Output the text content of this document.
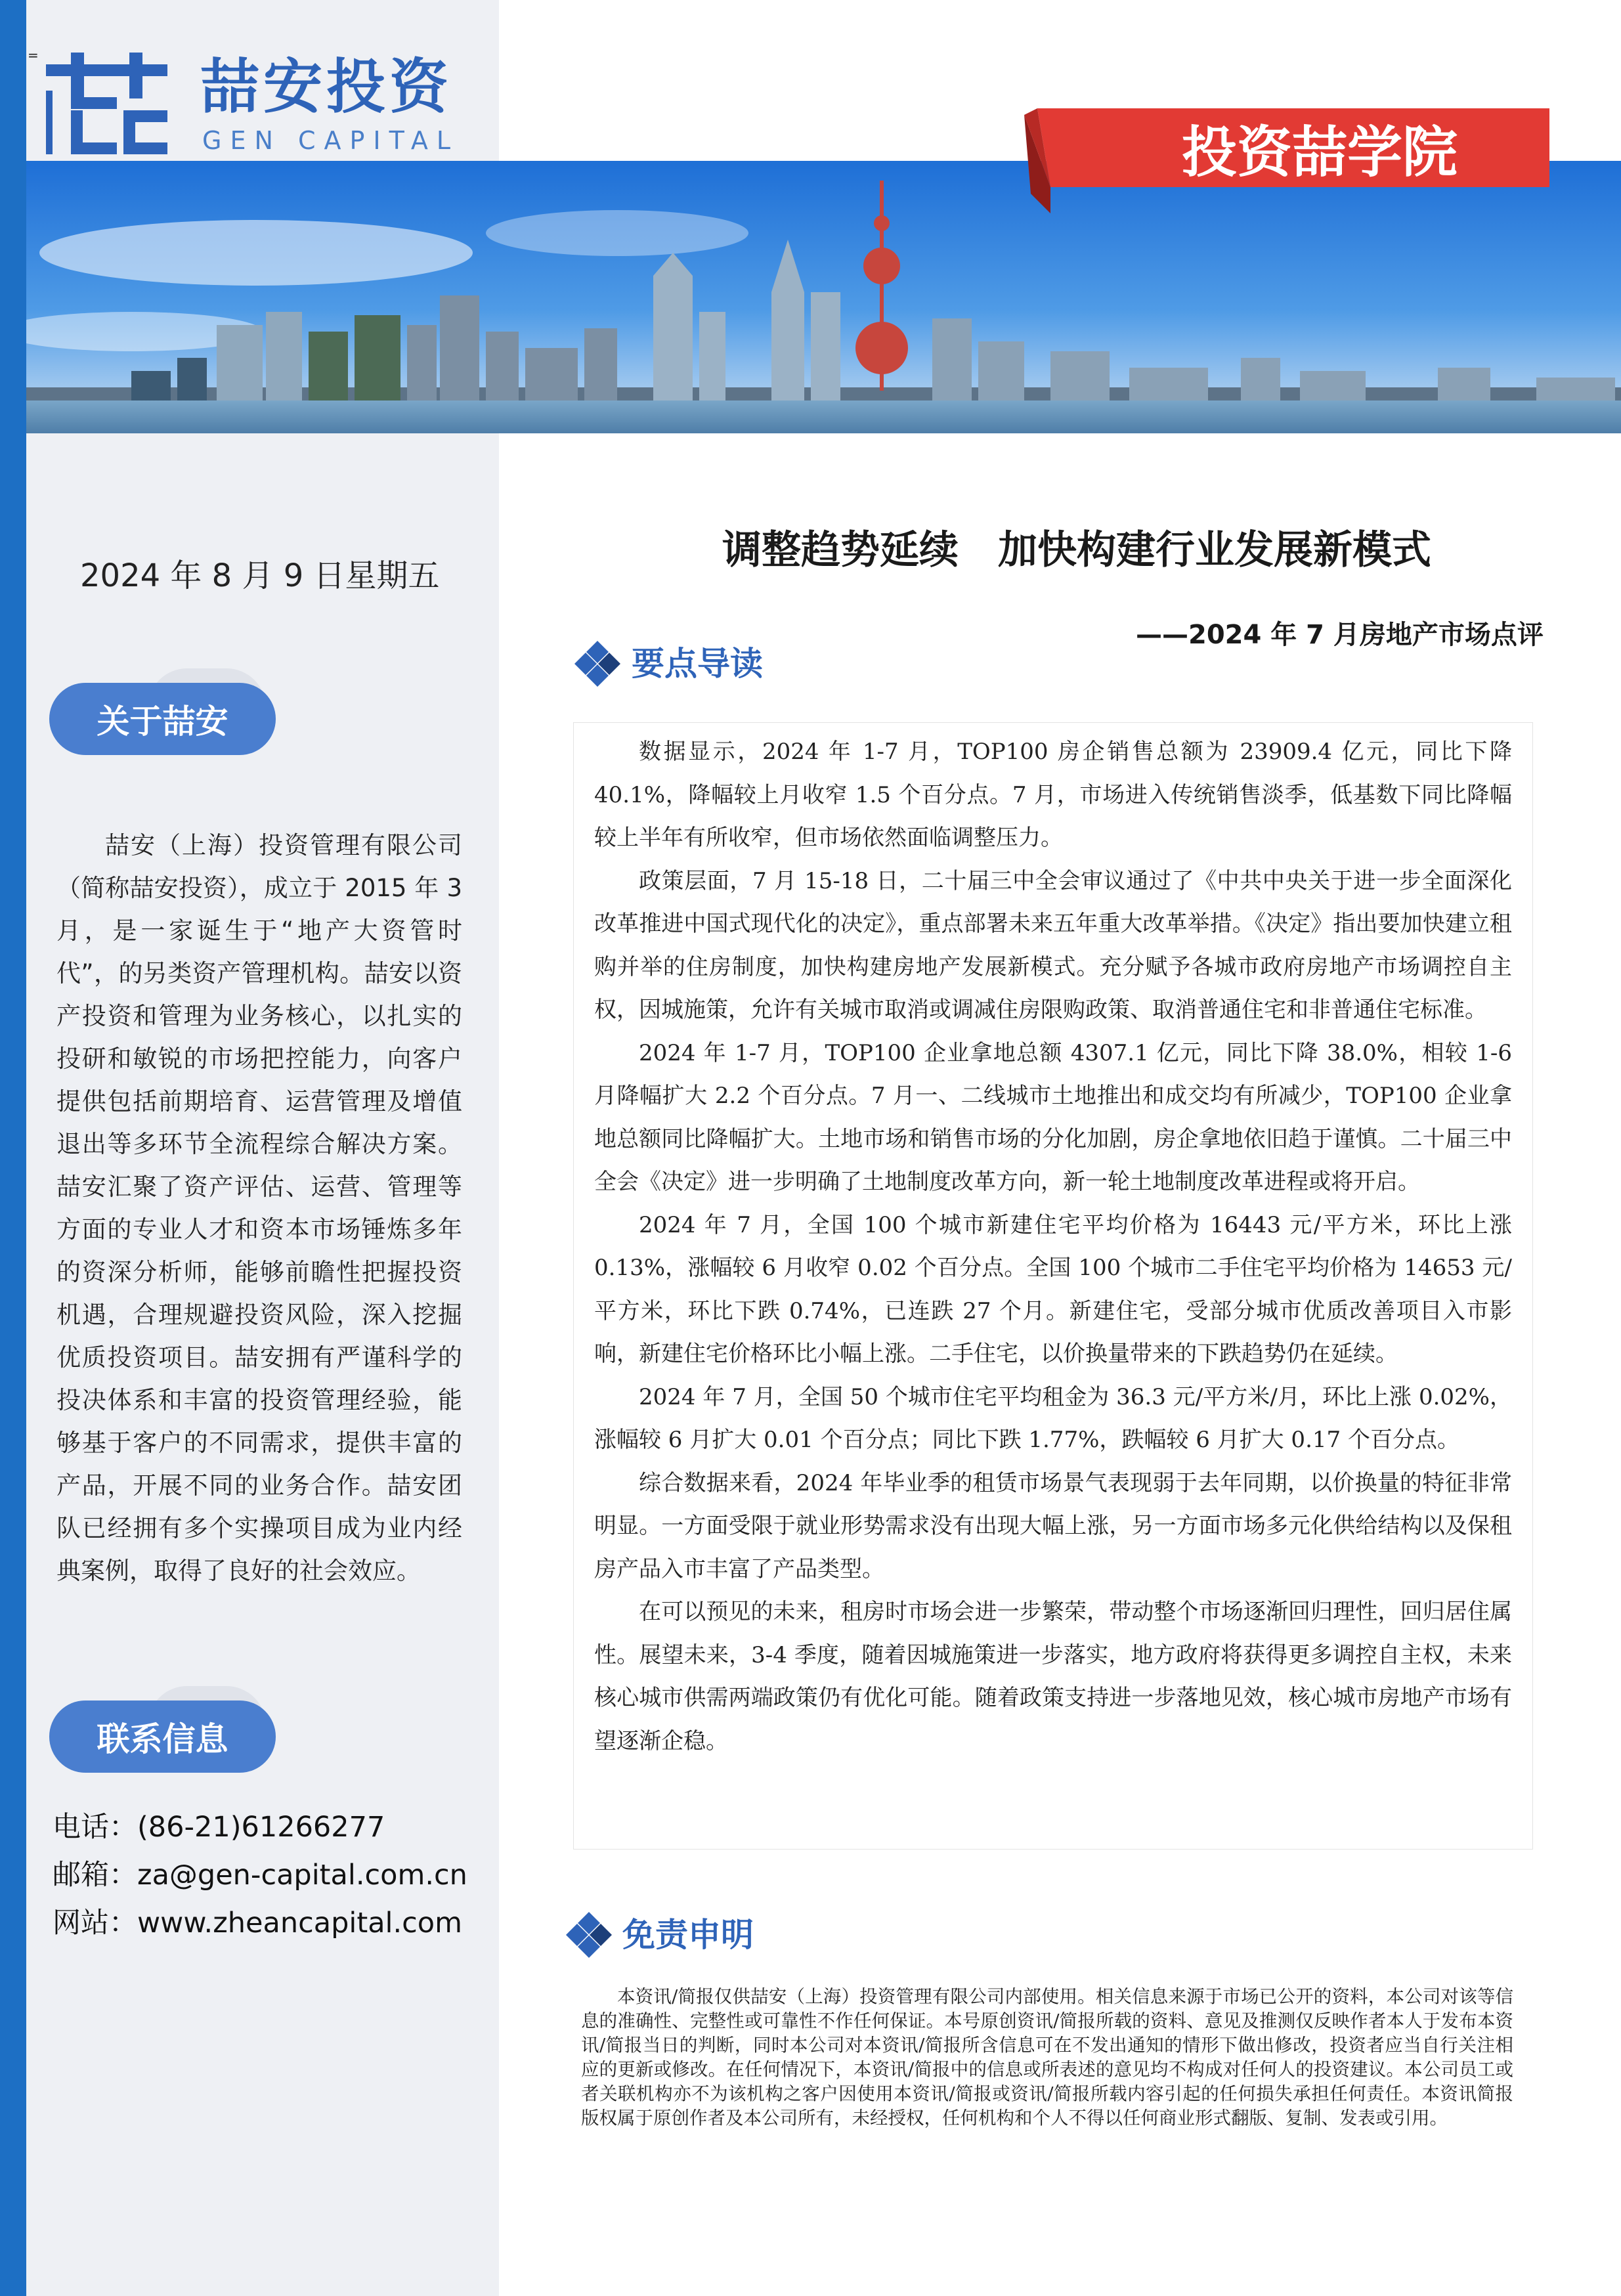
=	喆安投资
GEN CAPITAL	投资喆学院
2024 年 8 月 9 日星期五
关于喆安

喆安（上海）投资管理有限公司（简称喆安投资），成立于 2015 年 3 月，是一家诞生于“地产大资管时代”，的另类资产管理机构。喆安以资产投资和管理为业务核心，以扎实的投研和敏锐的市场把控能力，向客户提供包括前期培育、运营管理及增值退出等多环节全流程综合解决方案。喆安汇聚了资产评估、运营、管理等方面的专业人才和资本市场锤炼多年的资深分析师，能够前瞻性把握投资机遇，合理规避投资风险，深入挖掘优质投资项目。喆安拥有严谨科学的投决体系和丰富的投资管理经验，能够基于客户的不同需求，提供丰富的产品，开展不同的业务合作。喆安团队已经拥有多个实操项目成为业内经典案例，取得了良好的社会效应。

联系信息
电话：(86-21)61266277
邮箱：za@gen-capital.com.cn
网站：www.zheancapital.com
调整趋势延续　加快构建行业发展新模式
——2024 年 7 月房地产市场点评
要点导读

数据显示，2024 年 1-7 月，TOP100 房企销售总额为 23909.4 亿元，同比下降 40.1%，降幅较上月收窄 1.5 个百分点。7 月，市场进入传统销售淡季，低基数下同比降幅较上半年有所收窄，但市场依然面临调整压力。

政策层面，7 月 15-18 日，二十届三中全会审议通过了《中共中央关于进一步全面深化改革推进中国式现代化的决定》，重点部署未来五年重大改革举措。《决定》指出要加快建立租购并举的住房制度，加快构建房地产发展新模式。充分赋予各城市政府房地产市场调控自主权，因城施策，允许有关城市取消或调减住房限购政策、取消普通住宅和非普通住宅标准。

2024 年 1-7 月，TOP100 企业拿地总额 4307.1 亿元，同比下降 38.0%，相较 1-6 月降幅扩大 2.2 个百分点。7 月一、二线城市土地推出和成交均有所减少，TOP100 企业拿地总额同比降幅扩大。土地市场和销售市场的分化加剧，房企拿地依旧趋于谨慎。二十届三中全会《决定》进一步明确了土地制度改革方向，新一轮土地制度改革进程或将开启。

2024 年 7 月，全国 100 个城市新建住宅平均价格为 16443 元/平方米，环比上涨 0.13%，涨幅较 6 月收窄 0.02 个百分点。全国 100 个城市二手住宅平均价格为 14653 元/平方米，环比下跌 0.74%，已连跌 27 个月。新建住宅，受部分城市优质改善项目入市影响，新建住宅价格环比小幅上涨。二手住宅，以价换量带来的下跌趋势仍在延续。

2024 年 7 月，全国 50 个城市住宅平均租金为 36.3 元/平方米/月，环比上涨 0.02%，涨幅较 6 月扩大 0.01 个百分点；同比下跌 1.77%，跌幅较 6 月扩大 0.17 个百分点。

综合数据来看，2024 年毕业季的租赁市场景气表现弱于去年同期，以价换量的特征非常明显。一方面受限于就业形势需求没有出现大幅上涨，另一方面市场多元化供给结构以及保租房产品入市丰富了产品类型。

在可以预见的未来，租房时市场会进一步繁荣，带动整个市场逐渐回归理性，回归居住属性。展望未来，3-4 季度，随着因城施策进一步落实，地方政府将获得更多调控自主权，未来核心城市供需两端政策仍有优化可能。随着政策支持进一步落地见效，核心城市房地产市场有望逐渐企稳。

免责申明
本资讯/简报仅供喆安（上海）投资管理有限公司内部使用。相关信息来源于市场已公开的资料，本公司对该等信息的准确性、完整性或可靠性不作任何保证。本号原创资讯/简报所载的资料、意见及推测仅反映作者本人于发布本资讯/简报当日的判断，同时本公司对本资讯/简报所含信息可在不发出通知的情形下做出修改，投资者应当自行关注相应的更新或修改。在任何情况下，本资讯/简报中的信息或所表述的意见均不构成对任何人的投资建议。本公司员工或者关联机构亦不为该机构之客户因使用本资讯/简报或资讯/简报所载内容引起的任何损失承担任何责任。本资讯简报版权属于原创作者及本公司所有，未经授权，任何机构和个人不得以任何商业形式翻版、复制、发表或引用。
